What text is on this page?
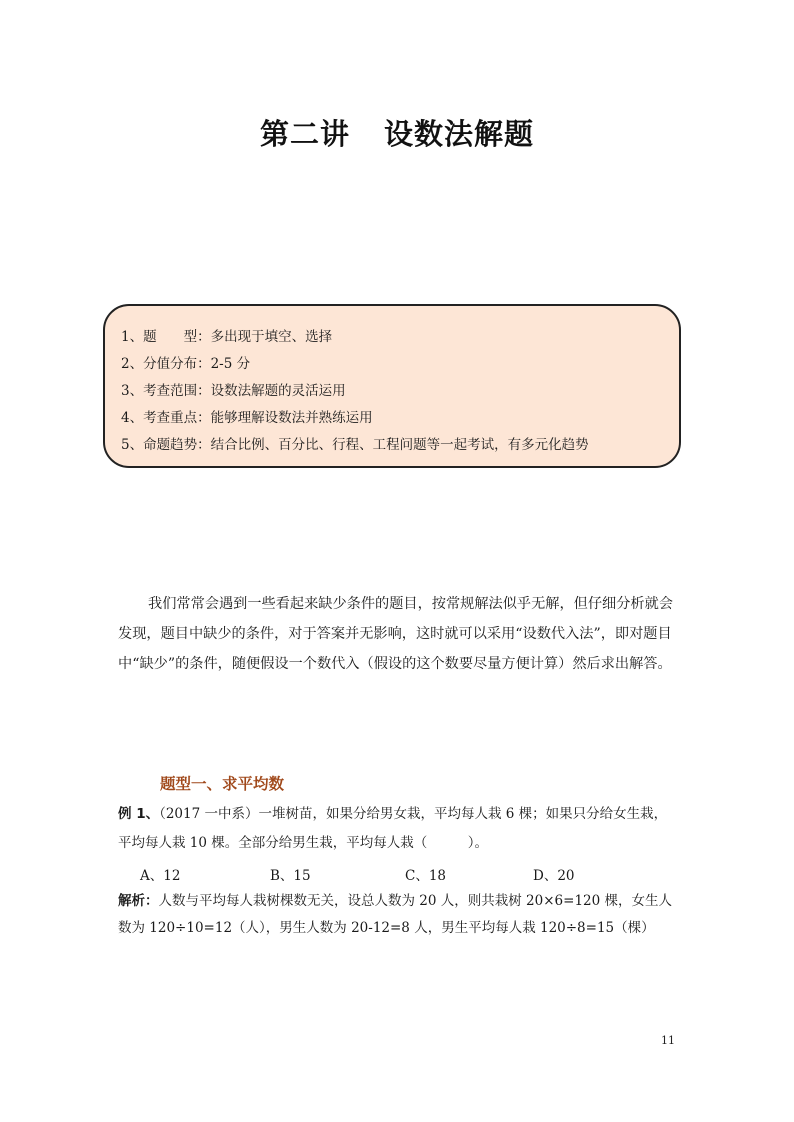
第二讲 设数法解题
1、题　　型：多出现于填空、选择
2、分值分布：2-5 分
3、考查范围：设数法解题的灵活运用
4、考查重点：能够理解设数法并熟练运用
5、命题趋势：结合比例、百分比、行程、工程问题等一起考试，有多元化趋势

我们常常会遇到一些看起来缺少条件的题目，按常规解法似乎无解，但仔细分析就会发现，题目中缺少的条件，对于答案并无影响，这时就可以采用“设数代入法”，即对题目中“缺少”的条件，随便假设一个数代入（假设的这个数要尽量方便计算）然后求出解答。

题型一、求平均数
例 1、（2017 一中系）一堆树苗，如果分给男女栽，平均每人栽 6 棵；如果只分给女生栽，平均每人栽 10 棵。全部分给男生栽，平均每人栽（　　　）。
A、12	B、15	C、18	D、20
解析：人数与平均每人栽树棵数无关，设总人数为 20 人，则共栽树 20×6=120 棵，女生人数为 120÷10=12（人），男生人数为 20-12=8 人，男生平均每人栽 120÷8=15（棵）
11
